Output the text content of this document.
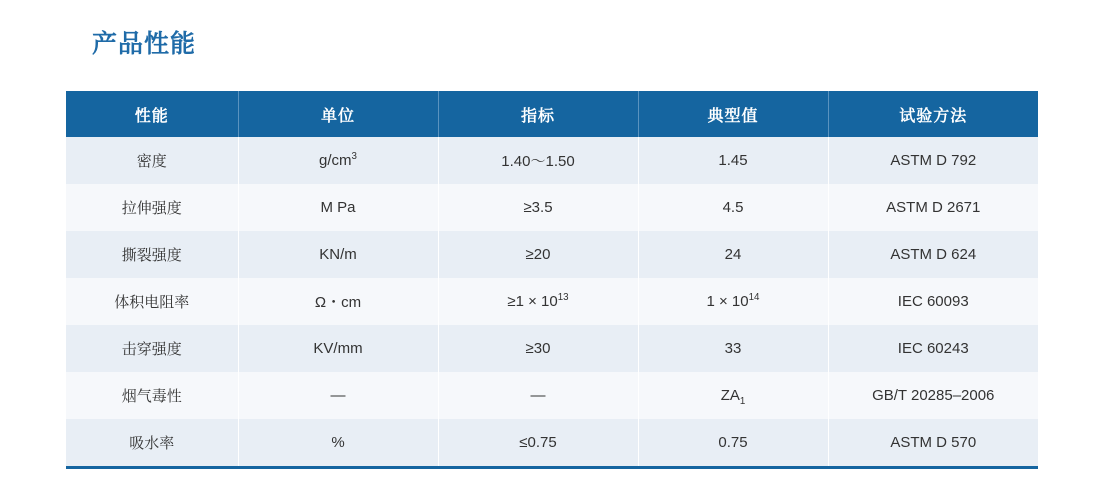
产品性能
性能	单位	指标	典型值	试验方法
密度	$g/cm^3$	1.40～1.50	1.45	ASTM D 792
拉伸强度	M Pa	≥3.5	4.5	ASTM D 2671
撕裂强度	KN/m	≥20	24	ASTM D 624
体积电阻率	Ω・cm	$\ge 1 \times 10^{13}$	$1 \times 10^{14}$	IEC 60093
击穿强度	KV/mm	≥30	33	IEC 60243
烟气毒性	—	—	$ZA_1$	GB/T 20285–2006
吸水率	%	≤0.75	0.75	ASTM D 570
